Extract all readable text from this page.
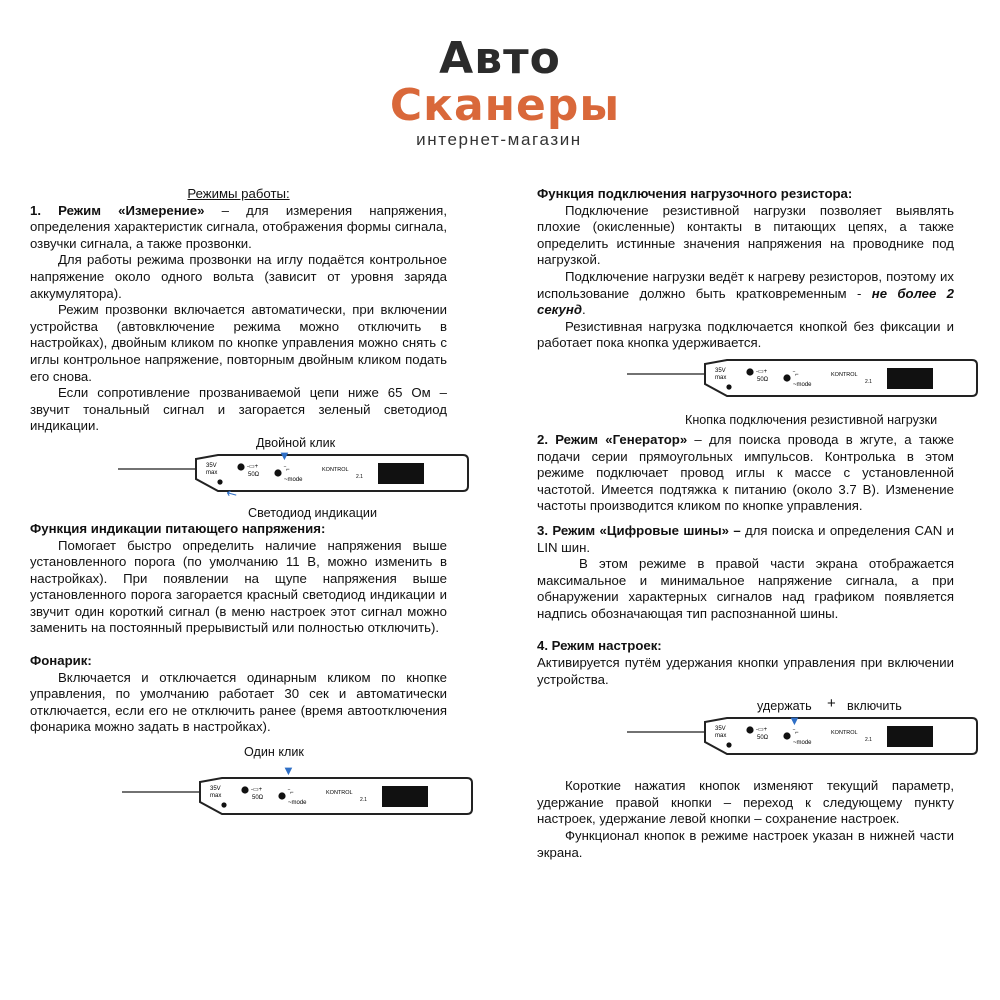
Авто
Сканеры
интернет-магазин
Режимы работы:
1. Режим «Измерение» – для измерения напряжения, определения характеристик сигнала, отображения формы сигнала, озвучки сигнала, а также прозвонки.
Для работы режима прозвонки на иглу подаётся контрольное напряжение около одного вольта (зависит от уровня заряда аккумулятора).
Режим прозвонки включается автоматически, при включении устройства (автовключение режима можно отключить в настройках), двойным кликом по кнопке управления можно снять с иглы контрольное напряжение, повторным двойным кликом подать его снова.
Если сопротивление прозваниваемой цепи ниже 65 Ом – звучит тональный сигнал и загорается зеленый светодиод индикации.
Двойной клик
35V
max
-▭+
50Ω
‾⌐
~mode
KONTROL
2.1
▼
↖
Светодиод индикации
Функция индикации питающего напряжения:
Помогает быстро определить наличие напряжения выше установленного порога (по умолчанию 11 В, можно изменить в настройках). При появлении на щупе напряжения выше установленного порога загорается красный светодиод индикации и звучит один короткий сигнал (в меню настроек этот сигнал можно заменить на постоянный прерывистый или полностью отключить).
Фонарик:
Включается и отключается одинарным кликом по кнопке управления, по умолчанию работает 30 сек и автоматически отключается, если его не отключить ранее (время автоотключения фонарика можно задать в настройках).
Один клик
35V
max
-▭+
50Ω
‾⌐
~mode
KONTROL
2.1
▼
Функция подключения нагрузочного резистора:
Подключение резистивной нагрузки позволяет выявлять плохие (окисленные) контакты в питающих цепях, а также определить истинные значения напряжения на проводнике под нагрузкой.
Подключение нагрузки ведёт к нагреву резисторов, поэтому их использование должно быть кратковременным - не более 2 секунд.
Резистивная нагрузка подключается кнопкой без фиксации и работает пока кнопка удерживается.
35V
max
-▭+
50Ω
‾⌐
~mode
KONTROL
2.1
Кнопка подключения резистивной нагрузки
2. Режим «Генератор» – для поиска провода в жгуте, а также подачи серии прямоугольных импульсов. Контролька в этом режиме подключает провод иглы к массе с установленной частотой. Имеется подтяжка к питанию (около 3.7 В). Изменение частоты производится кликом по кнопке управления.
3. Режим «Цифровые шины» – для поиска и определения CAN и LIN шин.
В этом режиме в правой части экрана отображается максимальное и минимальное напряжение сигнала, а при обнаружении характерных сигналов над графиком появляется надпись обозначающая тип распознанной шины.
4. Режим настроек:
Активируется путём удержания кнопки управления при включении устройства.
удержать + включить
35V
max
-▭+
50Ω
‾⌐
~mode
KONTROL
2.1
▼
Короткие нажатия кнопок изменяют текущий параметр, удержание правой кнопки – переход к следующему пункту настроек, удержание левой кнопки – сохранение настроек.
Функционал кнопок в режиме настроек указан в нижней части экрана.
